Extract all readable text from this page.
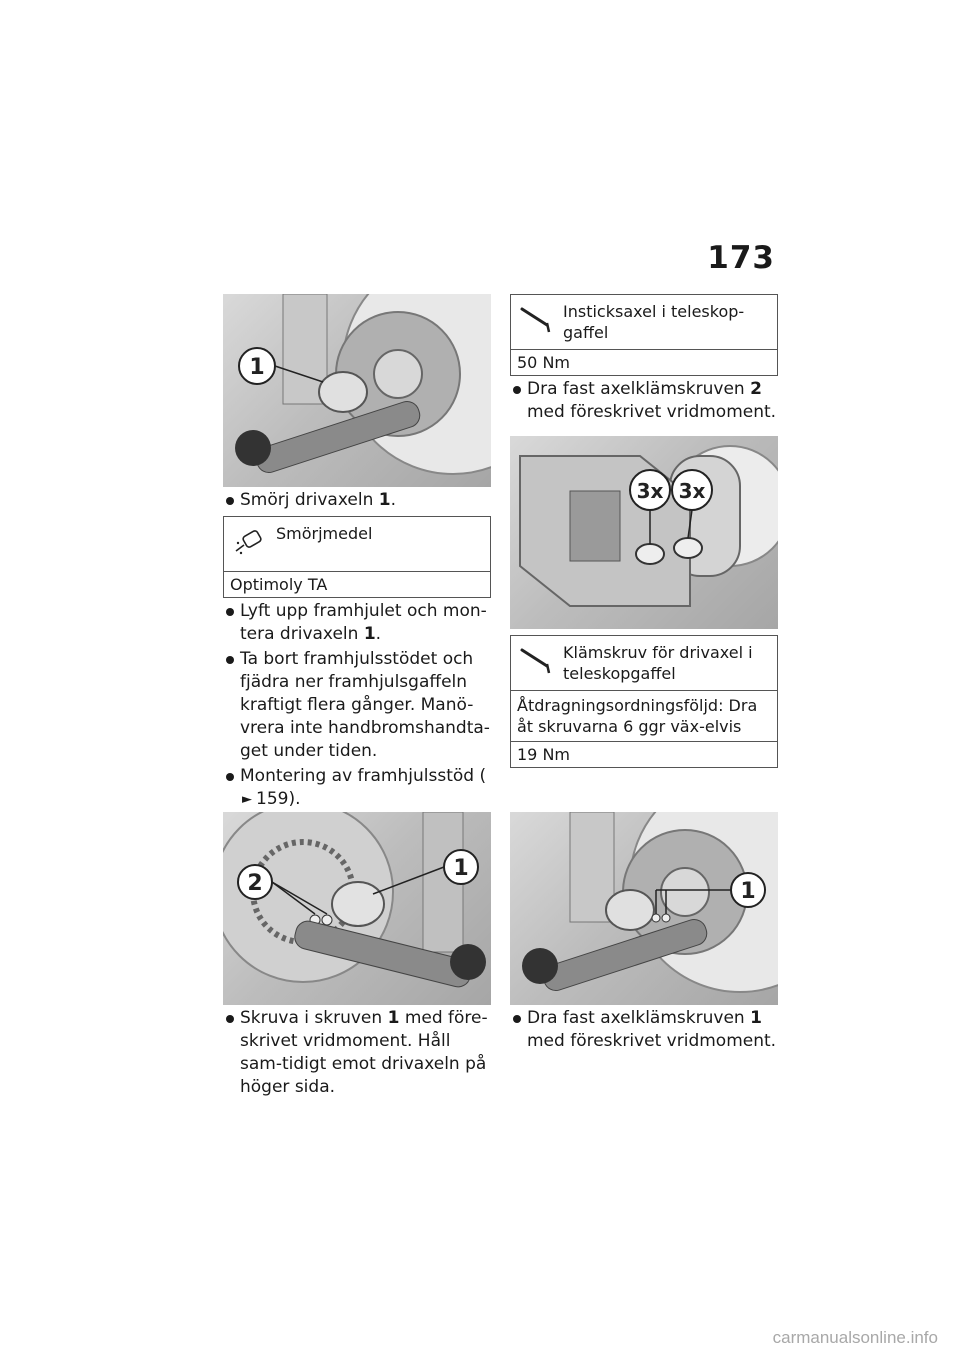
173
1
Smörj drivaxeln 1.
Smörjmedel
Optimoly TA
Lyft upp framhjulet och mon-tera drivaxeln 1.
Ta bort framhjulsstödet och fjädra ner framhjulsgaffeln kraftigt flera gånger. Manö-vrera inte handbromshandta-get under tiden.
Montering av framhjulsstöd (► 159).
2
1
Skruva i skruven 1 med före-skrivet vridmoment. Håll sam-tidigt emot drivaxeln på höger sida.
Insticksaxel i teleskop-gaffel
50 Nm
Dra fast axelklämskruven 2 med föreskrivet vridmoment.
3x 3x
Klämskruv för drivaxel i teleskopgaffel
Åtdragningsordningsföljd: Dra åt skruvarna 6 ggr väx-elvis
19 Nm
1
Dra fast axelklämskruven 1 med föreskrivet vridmoment.
carmanualsonline.info
